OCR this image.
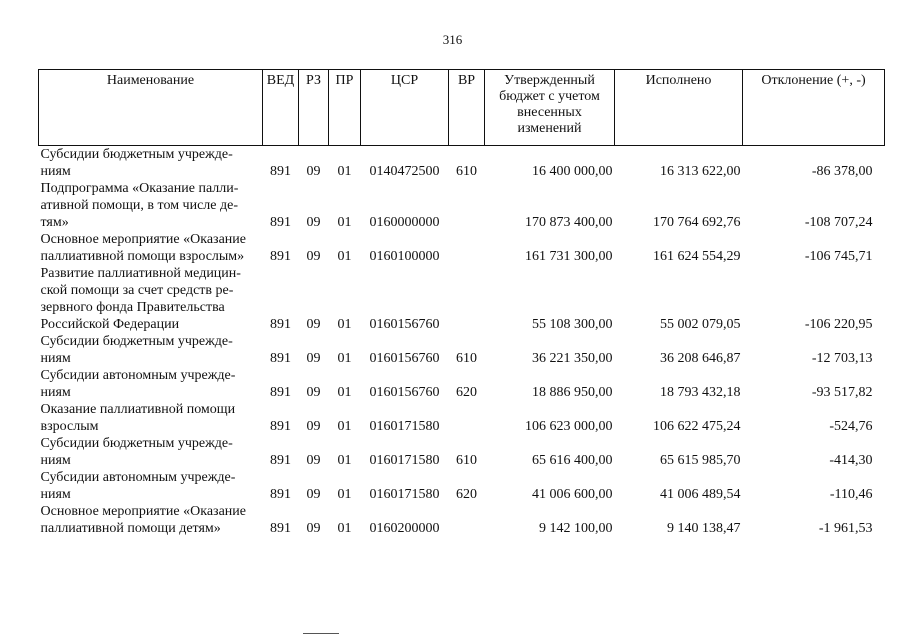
316
Наименование	ВЕД	РЗ	ПР	ЦСР	ВР	Утвержденный бюджет с учетом внесенных изменений	Исполнено	Отклонение (+, -)

Субсидии бюджетным учрежде-
ниям	891	09	01	0140472500	610	16 400 000,00	16 313 622,00	-86 378,00

Подпрограмма «Оказание палли-
ативной помощи, в том числе де-
тям»	891	09	01	0160000000		170 873 400,00	170 764 692,76	-108 707,24

Основное мероприятие «Оказание
паллиативной помощи взрослым»	891	09	01	0160100000		161 731 300,00	161 624 554,29	-106 745,71

Развитие паллиативной медицин-
ской помощи за счет средств ре-
зервного фонда Правительства
Российской Федерации	891	09	01	0160156760		55 108 300,00	55 002 079,05	-106 220,95

Субсидии бюджетным учрежде-
ниям	891	09	01	0160156760	610	36 221 350,00	36 208 646,87	-12 703,13

Субсидии автономным учрежде-
ниям	891	09	01	0160156760	620	18 886 950,00	18 793 432,18	-93 517,82

Оказание паллиативной помощи
взрослым	891	09	01	0160171580		106 623 000,00	106 622 475,24	-524,76

Субсидии бюджетным учрежде-
ниям	891	09	01	0160171580	610	65 616 400,00	65 615 985,70	-414,30

Субсидии автономным учрежде-
ниям	891	09	01	0160171580	620	41 006 600,00	41 006 489,54	-110,46

Основное мероприятие «Оказание
паллиативной помощи детям»	891	09	01	0160200000		9 142 100,00	9 140 138,47	-1 961,53
